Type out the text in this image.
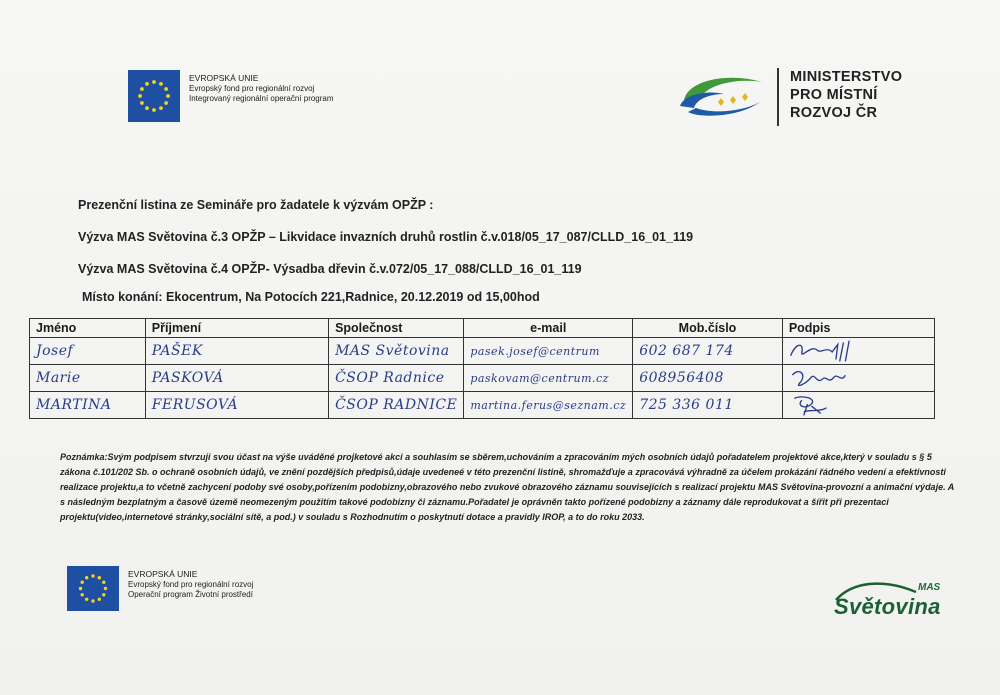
EVROPSKÁ UNIE
Evropský fond pro regionální rozvoj
Integrovaný regionální operační program
MINISTERSTVO
PRO MÍSTNÍ
ROZVOJ ČR
Prezenční listina ze Semináře pro žadatele k výzvám OPŽP :
Výzva MAS Světovina č.3 OPŽP – Likvidace invazních druhů rostlin č.v.018/05_17_087/CLLD_16_01_119
Výzva MAS Světovina č.4 OPŽP- Výsadba dřevin č.v.072/05_17_088/CLLD_16_01_119
Místo konání: Ekocentrum, Na Potocích 221,Radnice, 20.12.2019 od 15,00hod
Jméno	Příjmení	Společnost	e-mail	Mob.číslo	Podpis
Josef	PAŠEK	MAS Světovina	pasek.josef@centrum	602 687 174	

Marie	PASKOVÁ	ČSOP Radnice	paskovam@centrum.cz	608956408	

MARTINA	FERUSOVÁ	ČSOP RADNICE	martina.ferus@seznam.cz	725 336 011	
Poznámka:Svým podpisem stvrzuji svou účast na výše uváděné projketové akci a souhlasím se sběrem,uchováním a zpracováním mých osobních údajů pořadatelem projektové akce,který v souladu s § 5 zákona č.101/202 Sb. o ochraně osobních údajů, ve znění pozdějších předpisů,údaje uvedeneé v této prezenční listině, shromažďuje a zpracovává výhradně za účelem prokázání řádného vedení a efektivnosti realizace projektu,a to včetně zachycení podoby své osoby,pořízením podobizny,obrazového nebo zvukové obrazového záznamu souvisejících s realizací projektu MAS Světovina-provozní a animační výdaje. A s následným bezplatným a časově územě neomezeným použitím takové podobizny či záznamu.Pořadatel je oprávněn takto pořízené podobizny a záznamy dále reprodukovat a šířit při prezentaci projektu(video,internetové stránky,sociální sítě, a pod.) v souladu s Rozhodnutím o poskytnutí dotace a pravidly IROP, a to do roku 2033.
EVROPSKÁ UNIE
Evropský fond pro regionální rozvoj
Operační program Životní prostředí
MAS
Světovina
